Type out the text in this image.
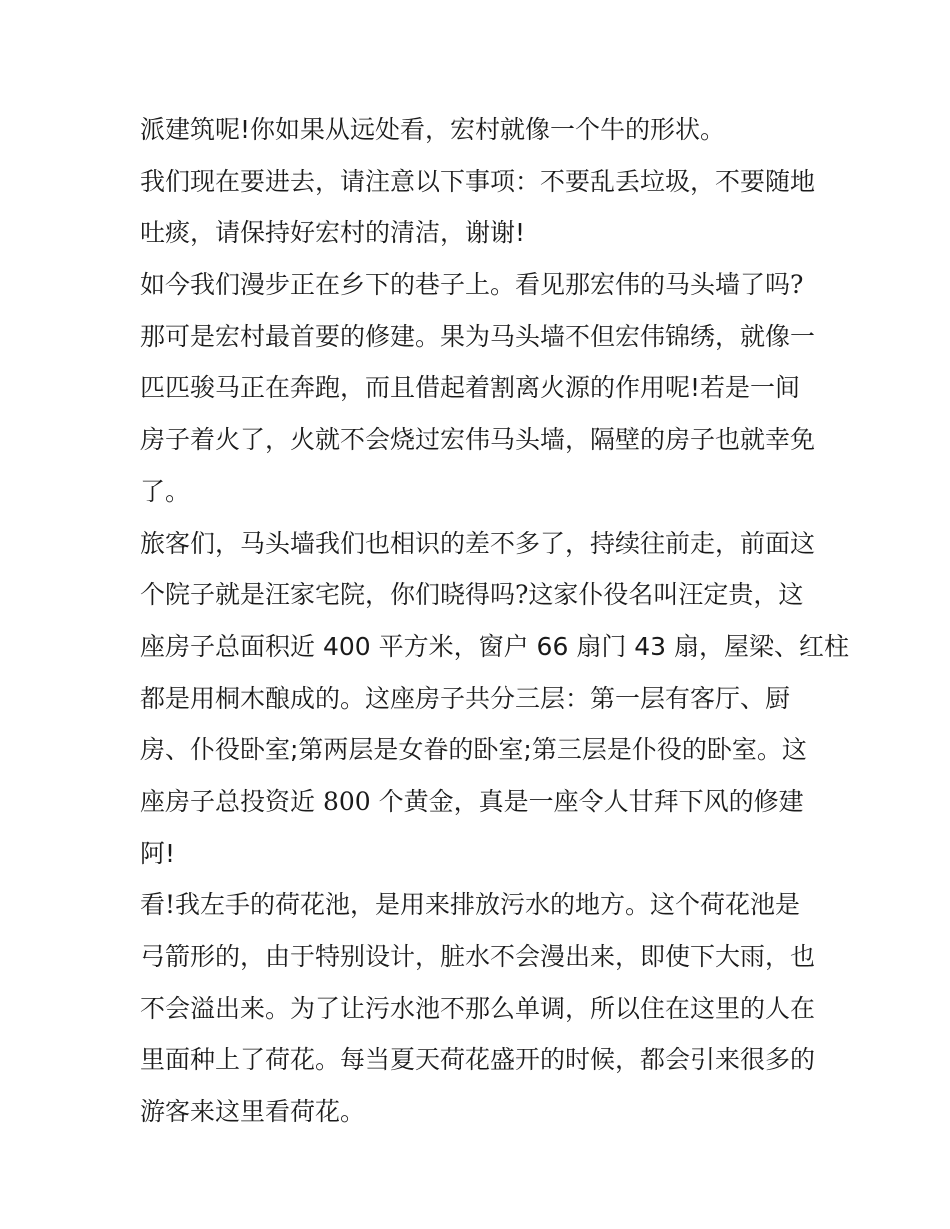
派建筑呢!你如果从远处看，宏村就像一个牛的形状。
我们现在要进去，请注意以下事项：不要乱丢垃圾，不要随地
吐痰，请保持好宏村的清洁，谢谢!
如今我们漫步正在乡下的巷子上。看见那宏伟的马头墙了吗?
那可是宏村最首要的修建。果为马头墙不但宏伟锦绣，就像一
匹匹骏马正在奔跑，而且借起着割离火源的作用呢!若是一间
房子着火了，火就不会烧过宏伟马头墙，隔壁的房子也就幸免
了。
旅客们，马头墙我们也相识的差不多了，持续往前走，前面这
个院子就是汪家宅院，你们晓得吗?这家仆役名叫汪定贵，这
座房子总面积近 400 平方米，窗户 66 扇门 43 扇，屋梁、红柱
都是用桐木酿成的。这座房子共分三层：第一层有客厅、厨
房、仆役卧室;第两层是女眷的卧室;第三层是仆役的卧室。这
座房子总投资近 800 个黄金，真是一座令人甘拜下风的修建
阿!
看!我左手的荷花池，是用来排放污水的地方。这个荷花池是
弓箭形的，由于特别设计，脏水不会漫出来，即使下大雨，也
不会溢出来。为了让污水池不那么单调，所以住在这里的人在
里面种上了荷花。每当夏天荷花盛开的时候，都会引来很多的
游客来这里看荷花。
